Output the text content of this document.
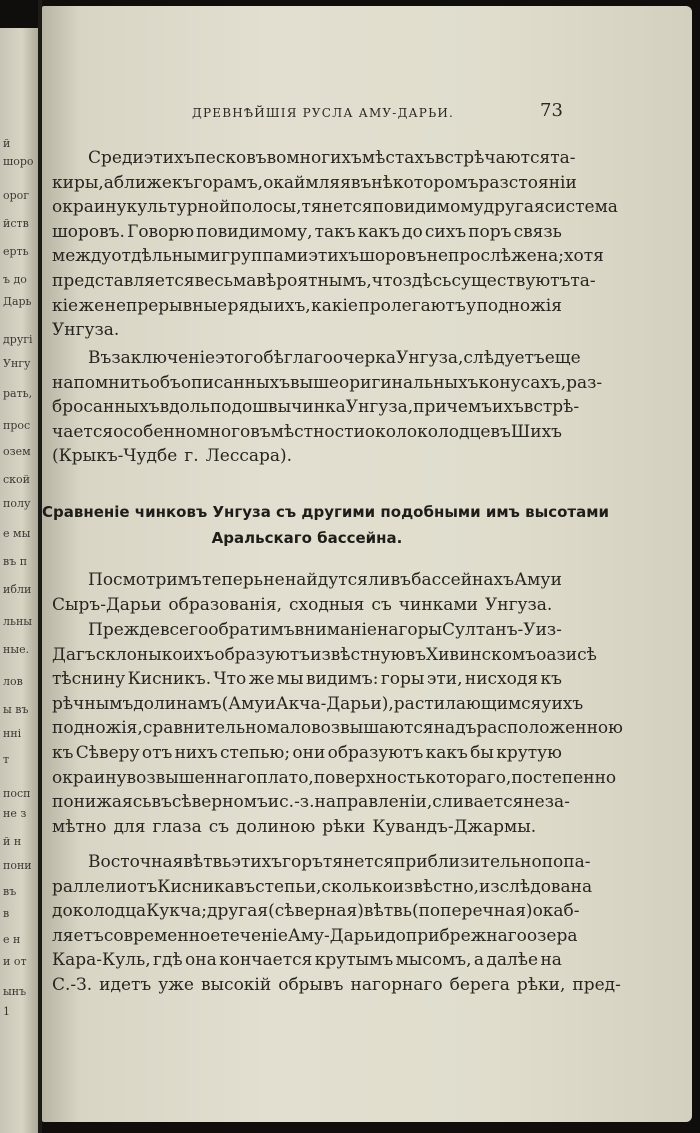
й
шоро
орог
йств
ерть
ъ до
Дарь
другі
Унгу
рать,
прос
озем
ской
полу
е мы
въ п
ибли
льны
ные.
лов
ы въ
нні
т
посп
не з
й н
пони
въ
в
е н
и от
ынъ
1
ДРЕВНѢЙШІЯ РУСЛА АМУ-ДАРЬИ.	73
Среди этихъ песковъ во многихъ мѣстахъ встрѣчаются та-
киры, а ближе къ горамъ, окаймляя въ нѣкоторомъ разстояніи
окраину культурной полосы, тянется повидимому другая система
шоровъ. Говорю повидимому, такъ какъ до сихъ поръ связь
между отдѣльными группами этихъ шоровъ не прослѣжена; хотя
представляется весьма вѣроятнымъ, что здѣсь существуютъ та-
кіе же непрерывные ряды ихъ, какіе пролегаютъ у подножія
Унгуза.
Въ заключеніе этого бѣглаго очерка Унгуза, слѣдуетъ еще
напомнить объ описанныхъ выше оригинальныхъ конусахъ, раз-
бросанныхъ вдоль подошвы чинка Унгуза, причемъ ихъ встрѣ-
чается особенно много въ мѣстности около колодцевъ Шихъ
(Крыкъ-Чудбе г. Лессара).
Сравненіе чинковъ Унгуза съ другими подобными имъ высотами
Аральскаго бассейна.
Посмотримъ теперь не найдутся ли въ бассейнахъ Аму и
Сыръ-Дарьи образованія, сходныя съ чинками Унгуза.
Прежде всего обратимъ вниманіе на горы Султанъ-Уиз-
Дагъ склоны коихъ образуютъ извѣстную въ Хивинскомъ оазисѣ
тѣснину Кисникъ. Что же мы видимъ: горы эти, нисходя къ
рѣчнымъ долинамъ (Аму и Акча-Дарьи), растилающимся у ихъ
подножія, сравнительно мало возвышаются надъ расположенною
къ Сѣверу отъ нихъ степью; они образуютъ какъ бы крутую
окраину возвышеннаго плато, поверхность котораго, постепенно
понижаясь въ сѣверномъ и с.-з. направленіи, сливается неза-
мѣтно для глаза съ долиною рѣки Кувандъ-Джармы.
Восточная вѣтвь этихъ горъ тянется приблизительно по па-
раллели отъ Кисника въ степь и, сколько извѣстно, изслѣдована
до колодца Кукча; другая (сѣверная) вѣтвь (поперечная) окаб-
ляетъ современное теченіе Аму-Дарьи до прибрежнаго озера
Кара-Куль, гдѣ она кончается крутымъ мысомъ, а далѣе на
С.-З. идетъ уже высокій обрывъ нагорнаго берега рѣки, пред-
